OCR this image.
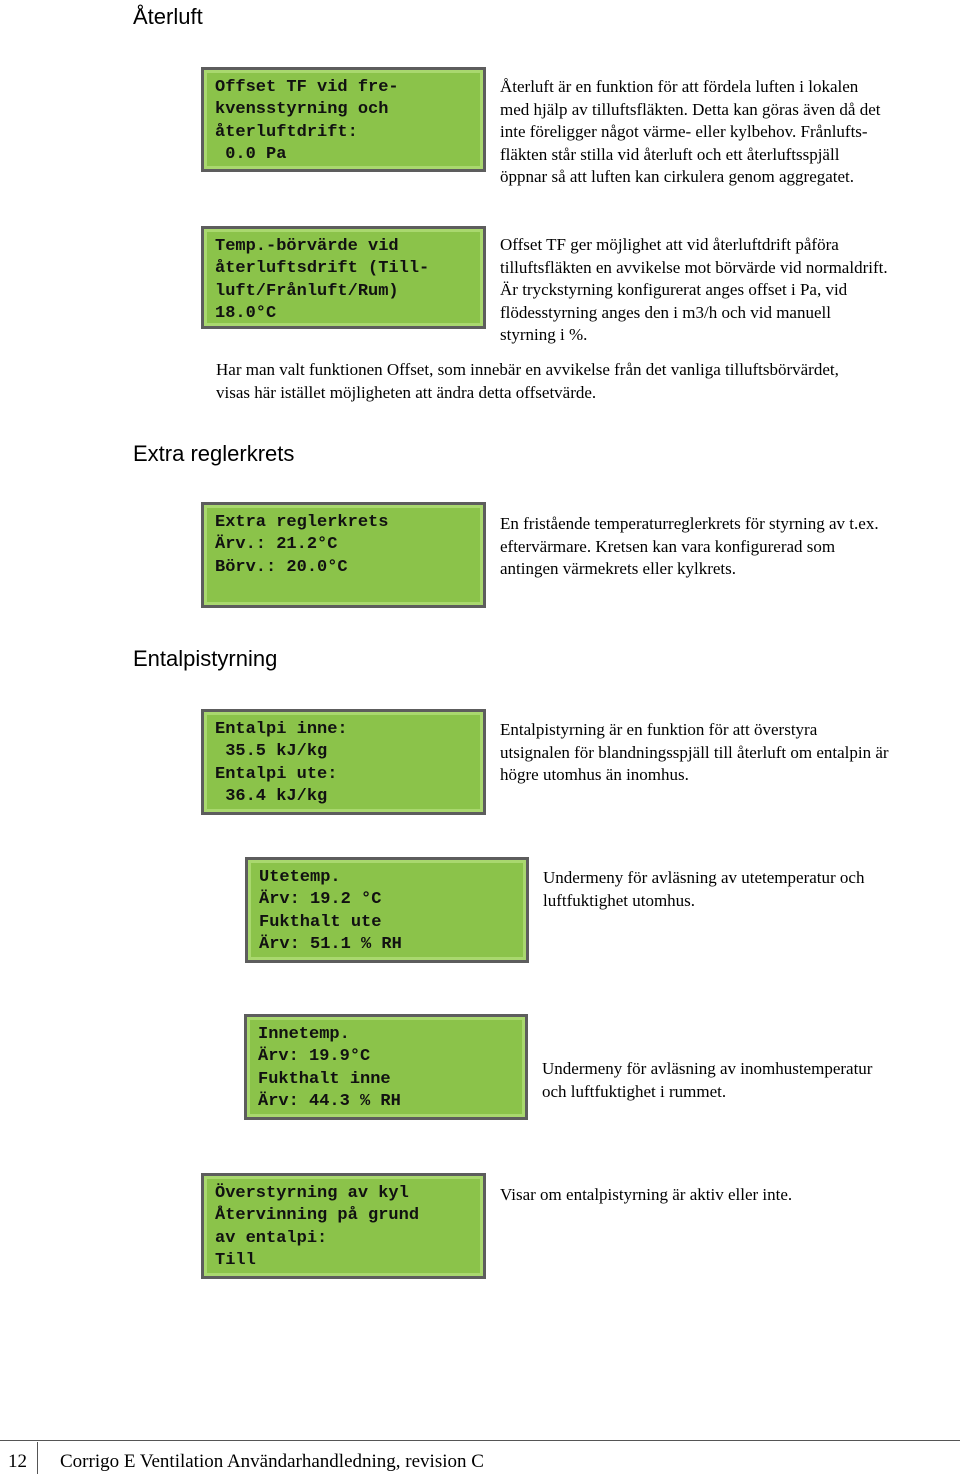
Återluft
Offset TF vid fre-
kvensstyrning och
återluftdrift:
0.0 Pa
Återluft är en funktion för att fördela luften i lokalen
med hjälp av tilluftsfläkten. Detta kan göras även då det
inte föreligger något värme- eller kylbehov. Frånlufts-
fläkten står stilla vid återluft och ett återluftsspjäll
öppnar så att luften kan cirkulera genom aggregatet.
Temp.-börvärde vid
återluftsdrift (Till-
luft/Frånluft/Rum)
18.0°C
Offset TF ger möjlighet att vid återluftdrift påföra
tilluftsfläkten en avvikelse mot börvärde vid normaldrift.
Är tryckstyrning konfigurerat anges offset i Pa, vid
flödesstyrning anges den i m3/h och vid manuell
styrning i %.
Har man valt funktionen Offset, som innebär en avvikelse från det vanliga tilluftsbörvärdet,
visas här istället möjligheten att ändra detta offsetvärde.
Extra reglerkrets
Extra reglerkrets
Ärv.: 21.2°C
Börv.: 20.0°C
En fristående temperaturreglerkrets för styrning av t.ex.
eftervärmare. Kretsen kan vara konfigurerad som
antingen värmekrets eller kylkrets.
Entalpistyrning
Entalpi inne:
35.5 kJ/kg
Entalpi ute:
36.4 kJ/kg
Entalpistyrning är en funktion för att överstyra
utsignalen för blandningsspjäll till återluft om entalpin är
högre utomhus än inomhus.
Utetemp.
Ärv: 19.2 °C
Fukthalt ute
Ärv: 51.1 % RH
Undermeny för avläsning av utetemperatur och
luftfuktighet utomhus.
Innetemp.
Ärv: 19.9°C
Fukthalt inne
Ärv: 44.3 % RH
Undermeny för avläsning av inomhustemperatur
och luftfuktighet i rummet.
Överstyrning av kyl
Återvinning på grund
av entalpi:
Till
Visar om entalpistyrning är aktiv eller inte.
12 Corrigo E Ventilation Användarhandledning, revision C
